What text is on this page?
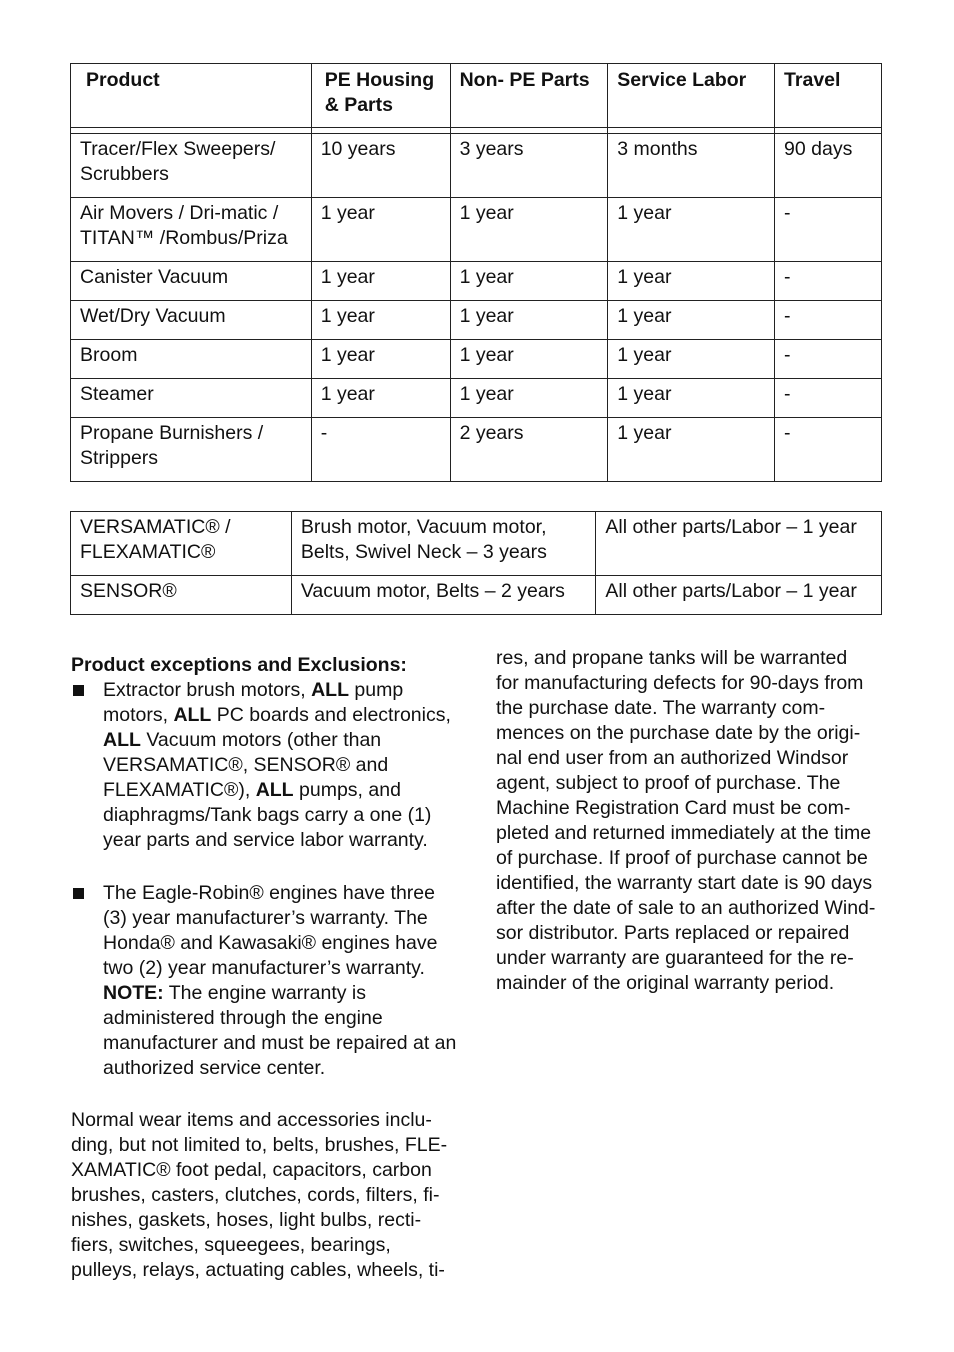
Product	PE Housing & Parts	Non- PE Parts	Service Labor	Travel

Tracer/Flex Sweepers/ Scrubbers	10 years	3 years	3 months	90 days
Air Movers / Dri-matic / TITAN™ /Rombus/Priza	1 year	1 year	1 year	-
Canister Vacuum	1 year	1 year	1 year	-
Wet/Dry Vacuum	1 year	1 year	1 year	-
Broom	1 year	1 year	1 year	-
Steamer	1 year	1 year	1 year	-
Propane Burnishers / Strippers	-	2 years	1 year	-
VERSAMATIC® / FLEXAMATIC®	Brush motor, Vacuum motor, Belts, Swivel Neck – 3 years	All other parts/Labor – 1 year
SENSOR®	Vacuum motor, Belts – 2 years	All other parts/Labor – 1 year
Product exceptions and Exclusions:
Extractor brush motors, ALL pump motors, ALL PC boards and electronics, ALL Vacuum motors (other than VERSAMATIC®, SENSOR® and FLEXAMATIC®), ALL pumps, and diaphragms/Tank bags carry a one (1) year parts and service labor warranty.
The Eagle-Robin® engines have three (3) year manufacturer’s warranty. The Honda® and Kawasaki® engines have two (2) year manufacturer’s warranty. NOTE: The engine warranty is administered through the engine manufacturer and must be repaired at an authorized service center.
Normal wear items and accessories inclu-
ding, but not limited to, belts, brushes, FLE-
XAMATIC® foot pedal, capacitors, carbon
brushes, casters, clutches, cords, filters, fi-
nishes, gaskets, hoses, light bulbs, recti-
fiers, switches, squeegees, bearings,
pulleys, relays, actuating cables, wheels, ti-
res, and propane tanks will be warranted
for manufacturing defects for 90-days from
the purchase date. The warranty com-
mences on the purchase date by the origi-
nal end user from an authorized Windsor
agent, subject to proof of purchase. The
Machine Registration Card must be com-
pleted and returned immediately at the time
of purchase. If proof of purchase cannot be
identified, the warranty start date is 90 days
after the date of sale to an authorized Wind-
sor distributor. Parts replaced or repaired
under warranty are guaranteed for the re-
mainder of the original warranty period.
